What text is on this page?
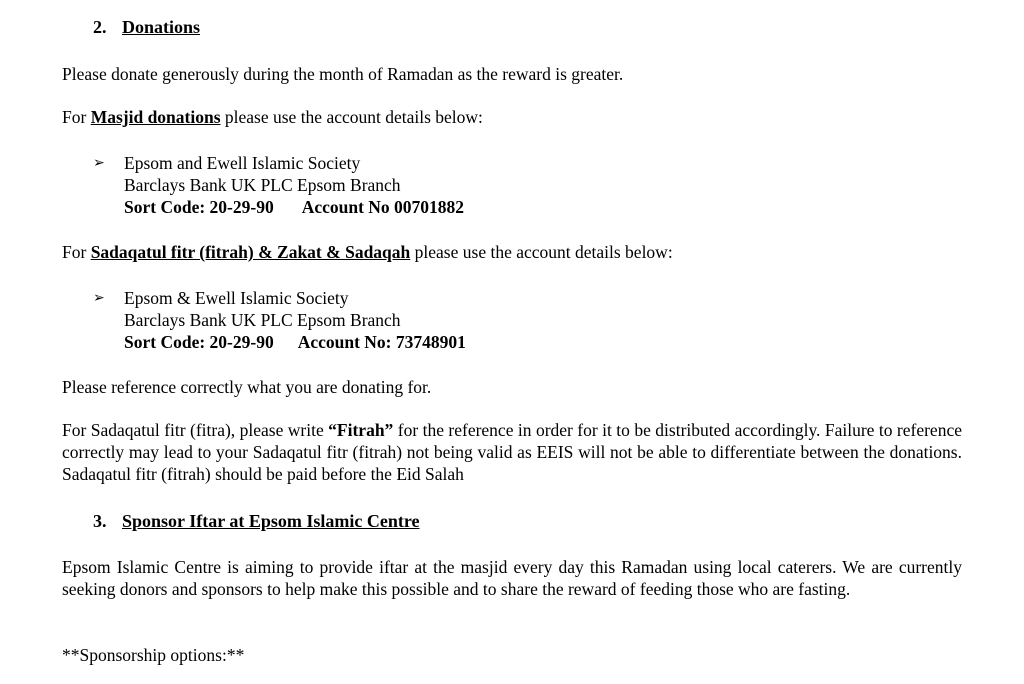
2. Donations
Please donate generously during the month of Ramadan as the reward is greater.
For Masjid donations please use the account details below:
➢ Epsom and Ewell Islamic Society
Barclays Bank UK PLC Epsom Branch
Sort Code: 20-29-90 Account No 00701882
For Sadaqatul fitr (fitrah) & Zakat & Sadaqah please use the account details below:
➢ Epsom & Ewell Islamic Society
Barclays Bank UK PLC Epsom Branch
Sort Code: 20-29-90 Account No: 73748901
Please reference correctly what you are donating for.
For Sadaqatul fitr (fitra), please write “Fitrah” for the reference in order for it to be distributed accordingly. Failure to reference correctly may lead to your Sadaqatul fitr (fitrah) not being valid as EEIS will not be able to differentiate between the donations. Sadaqatul fitr (fitrah) should be paid before the Eid Salah
3. Sponsor Iftar at Epsom Islamic Centre
Epsom Islamic Centre is aiming to provide iftar at the masjid every day this Ramadan using local caterers. We are currently seeking donors and sponsors to help make this possible and to share the reward of feeding those who are fasting.
**Sponsorship options:**
